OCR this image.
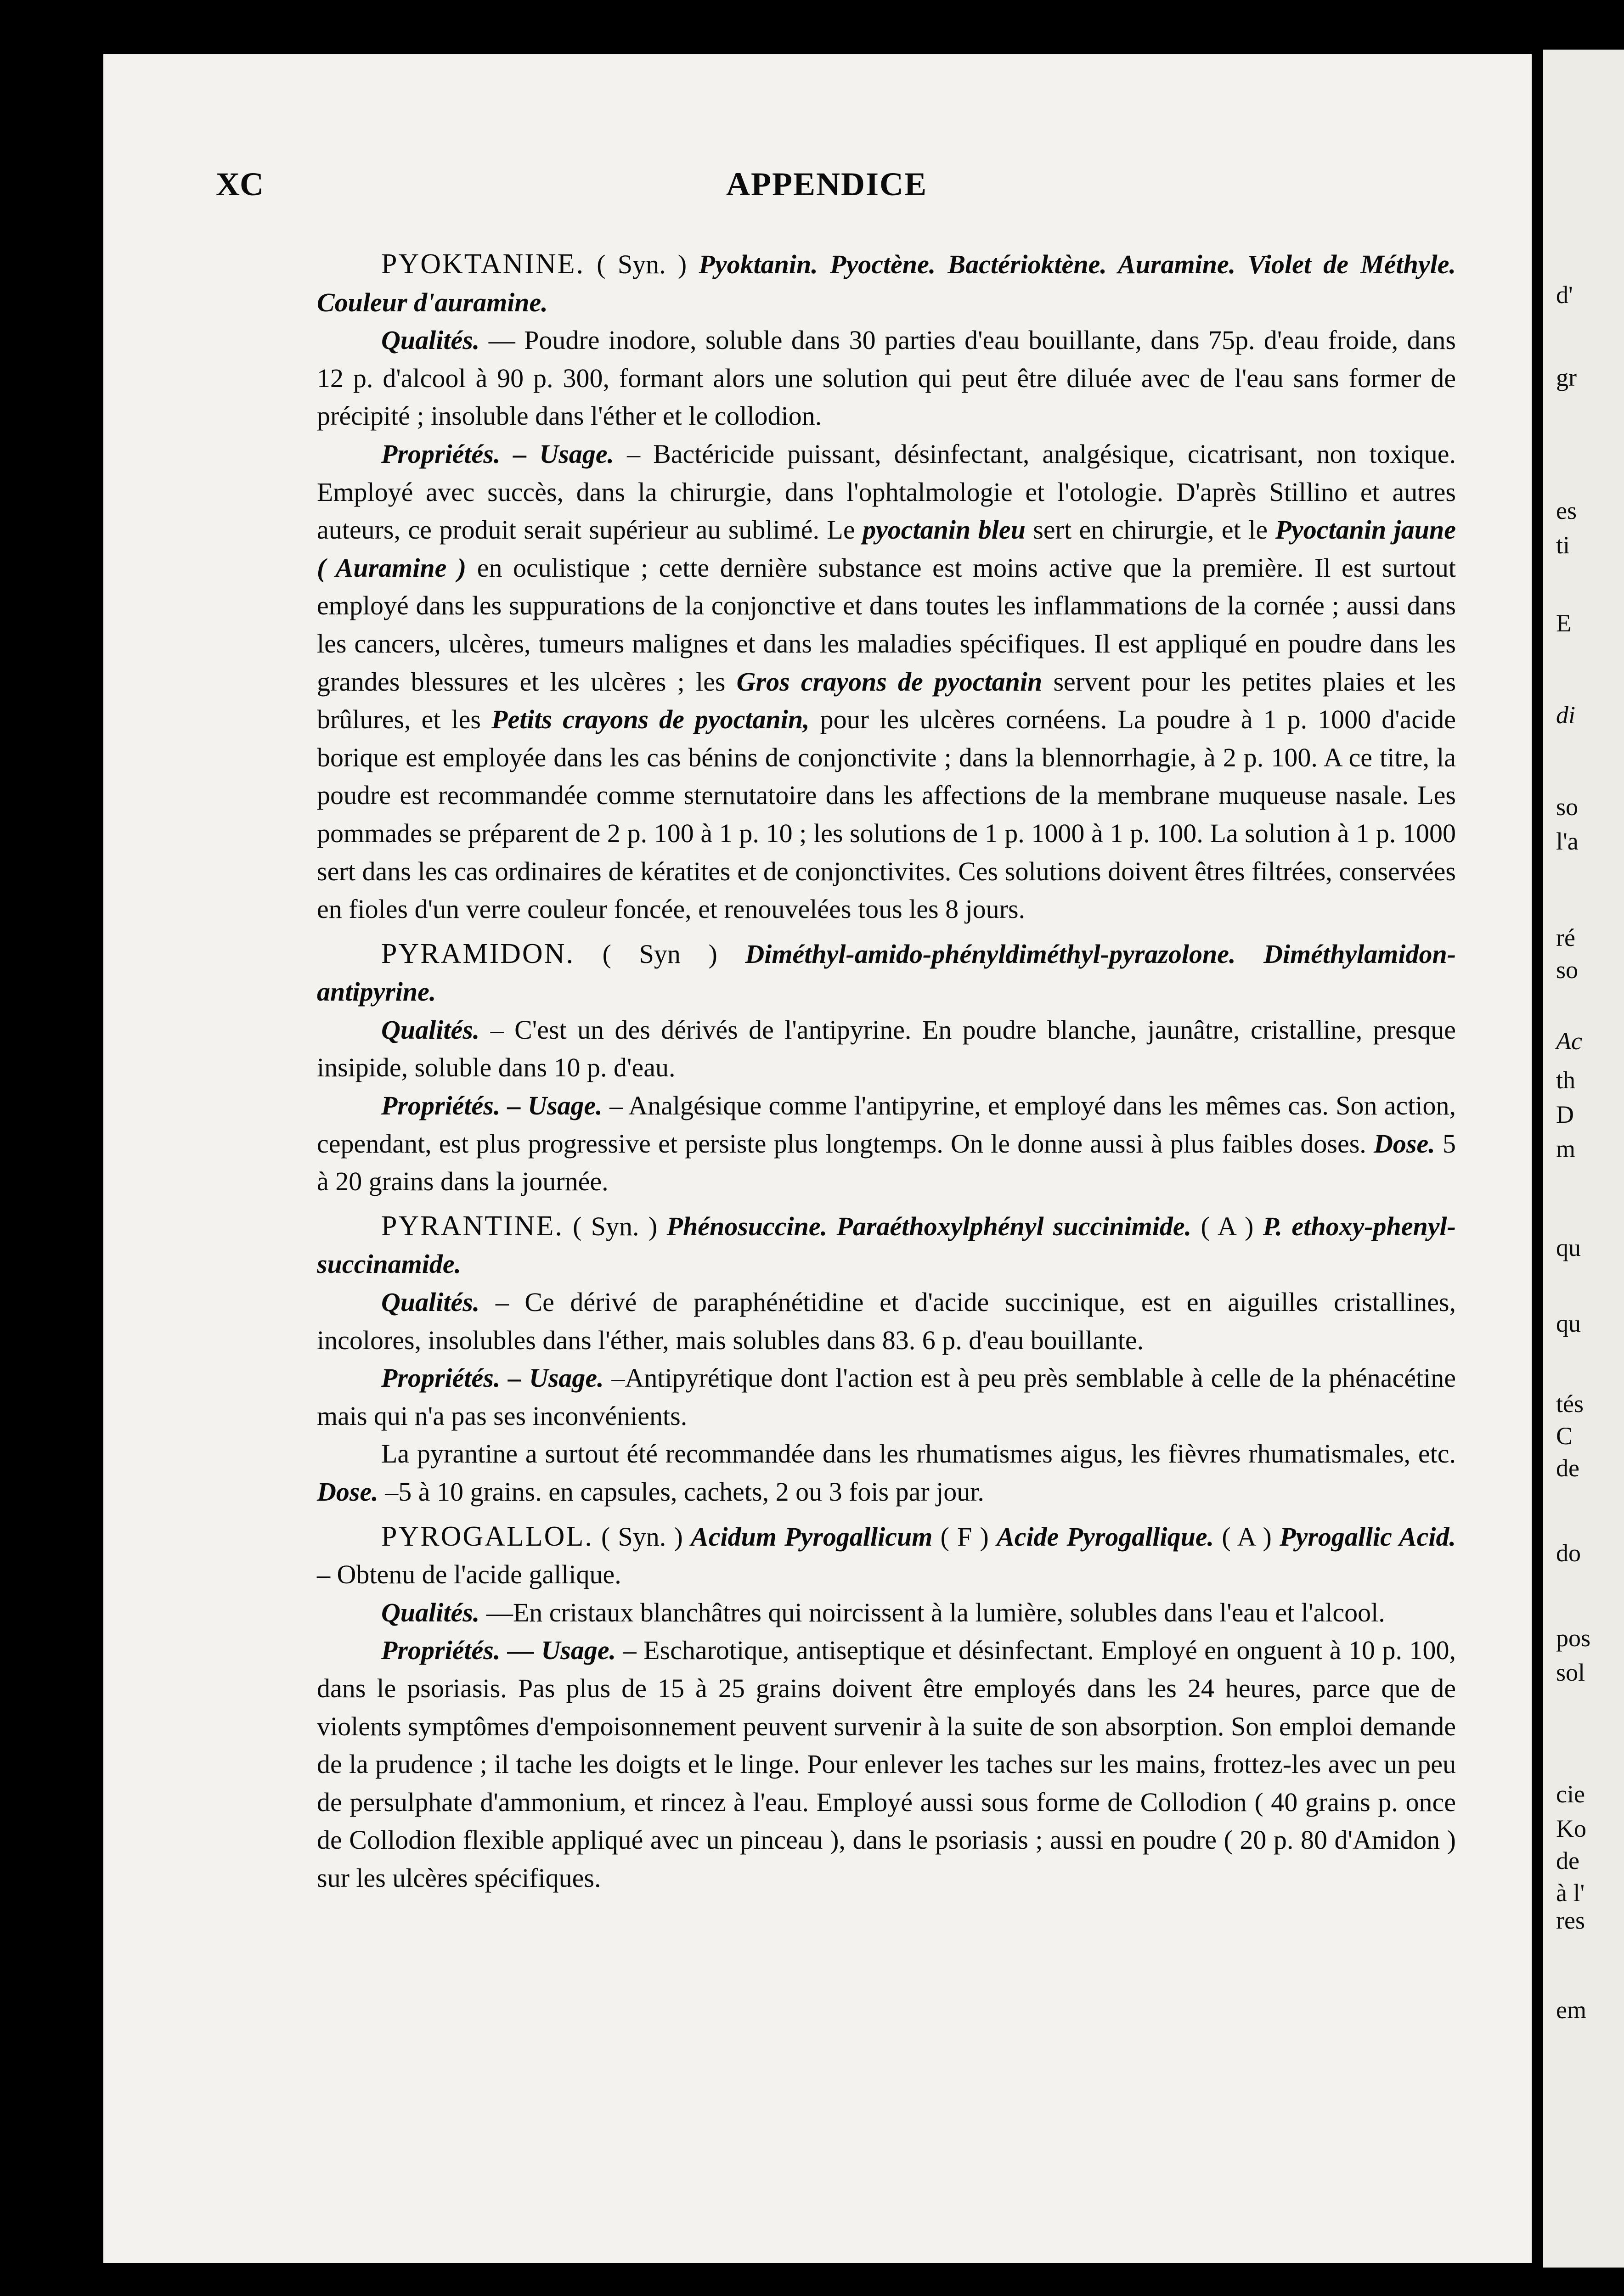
d'
gr
es
ti
E
di
so
l'a
ré
so
Ac
th
D
m
qu
qu
tés
C
de
do
pos
sol
cie
Ko
de
à l'
res
em
XC	APPENDICE

PYOKTANINE. ( Syn. ) Pyoktanin. Pyoctène. Bactérioktène. Auramine. Violet de Méthyle. Couleur d'auramine.

Qualités. — Poudre inodore, soluble dans 30 parties d'eau bouillante, dans 75p. d'eau froide, dans 12 p. d'alcool à 90 p. 300, formant alors une solution qui peut être diluée avec de l'eau sans former de précipité ; insoluble dans l'éther et le collodion.

Propriétés. – Usage. – Bactéricide puissant, désinfectant, analgésique, cicatrisant, non toxique. Employé avec succès, dans la chirurgie, dans l'ophtalmologie et l'otologie. D'après Stillino et autres auteurs, ce produit serait supérieur au sublimé. Le pyoctanin bleu sert en chirurgie, et le Pyoctanin jaune ( Auramine ) en oculistique ; cette dernière substance est moins active que la première. Il est surtout employé dans les suppurations de la conjonctive et dans toutes les inflammations de la cornée ; aussi dans les cancers, ulcères, tumeurs malignes et dans les maladies spécifiques. Il est appliqué en poudre dans les grandes blessures et les ulcères ; les Gros crayons de pyoctanin servent pour les petites plaies et les brûlures, et les Petits crayons de pyoctanin, pour les ulcères cornéens. La poudre à 1 p. 1000 d'acide borique est employée dans les cas bénins de conjonctivite ; dans la blennorrhagie, à 2 p. 100. A ce titre, la poudre est recommandée comme sternutatoire dans les affections de la membrane muqueuse nasale. Les pommades se préparent de 2 p. 100 à 1 p. 10 ; les solutions de 1 p. 1000 à 1 p. 100. La solution à 1 p. 1000 sert dans les cas ordinaires de kératites et de conjonctivites. Ces solutions doivent êtres filtrées, conservées en fioles d'un verre couleur foncée, et renouvelées tous les 8 jours.

PYRAMIDON. ( Syn ) Diméthyl-amido-phényldiméthyl-pyrazolone. Diméthylamidon-antipyrine.

Qualités. – C'est un des dérivés de l'antipyrine. En poudre blanche, jaunâtre, cristalline, presque insipide, soluble dans 10 p. d'eau.

Propriétés. – Usage. – Analgésique comme l'antipyrine, et employé dans les mêmes cas. Son action, cependant, est plus progressive et persiste plus longtemps. On le donne aussi à plus faibles doses. Dose. 5 à 20 grains dans la journée.

PYRANTINE. ( Syn. ) Phénosuccine. Paraéthoxylphényl succinimide. ( A ) P. ethoxy-phenyl-succinamide.

Qualités. – Ce dérivé de paraphénétidine et d'acide succinique, est en aiguilles cristallines, incolores, insolubles dans l'éther, mais solubles dans 83. 6 p. d'eau bouillante.

Propriétés. – Usage. –Antipyrétique dont l'action est à peu près semblable à celle de la phénacétine mais qui n'a pas ses inconvénients.

La pyrantine a surtout été recommandée dans les rhumatismes aigus, les fièvres rhumatismales, etc. Dose. –5 à 10 grains. en capsules, cachets, 2 ou 3 fois par jour.

PYROGALLOL. ( Syn. ) Acidum Pyrogallicum ( F ) Acide Pyrogallique. ( A ) Pyrogallic Acid. – Obtenu de l'acide gallique.

Qualités. —En cristaux blanchâtres qui noircissent à la lumière, solubles dans l'eau et l'alcool.

Propriétés. — Usage. – Escharotique, antiseptique et désinfectant. Employé en onguent à 10 p. 100, dans le psoriasis. Pas plus de 15 à 25 grains doivent être employés dans les 24 heures, parce que de violents symptômes d'empoisonnement peuvent survenir à la suite de son absorption. Son emploi demande de la prudence ; il tache les doigts et le linge. Pour enlever les taches sur les mains, frottez-les avec un peu de persulphate d'ammonium, et rincez à l'eau. Employé aussi sous forme de Collodion ( 40 grains p. once de Collodion flexible appliqué avec un pinceau ), dans le psoriasis ; aussi en poudre ( 20 p. 80 d'Amidon ) sur les ulcères spécifiques.
